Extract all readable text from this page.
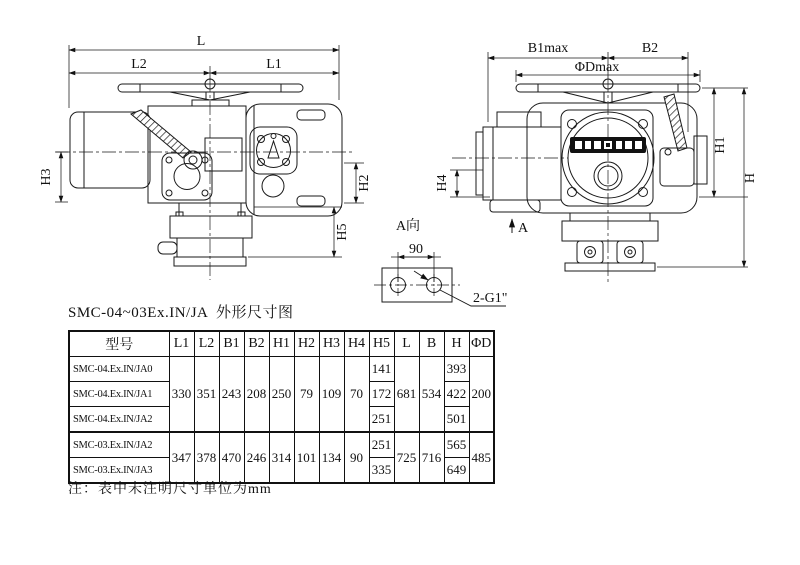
L
L2	L1
H3	H2
H5
B1max	B2
ΦDmax
H4
H1
H
A
A向
90
2-G1"
SMC-04~03Ex.IN/JA  外形尺寸图
型号	L1	L2	B1	B2	H1	H2	H3	H4	H5	L	B	H	ΦD
SMC-04.Ex.IN/JA0	330	351	243	208	250	79	109	70	141	681	534	393	200
SMC-04.Ex.IN/JA1									172			422	
SMC-04.Ex.IN/JA2									251			501	
SMC-03.Ex.IN/JA2	347	378	470	246	314	101	134	90	251	725	716	565	485
SMC-03.Ex.IN/JA3									335			649	
注：表中未注明尺寸单位为mm
